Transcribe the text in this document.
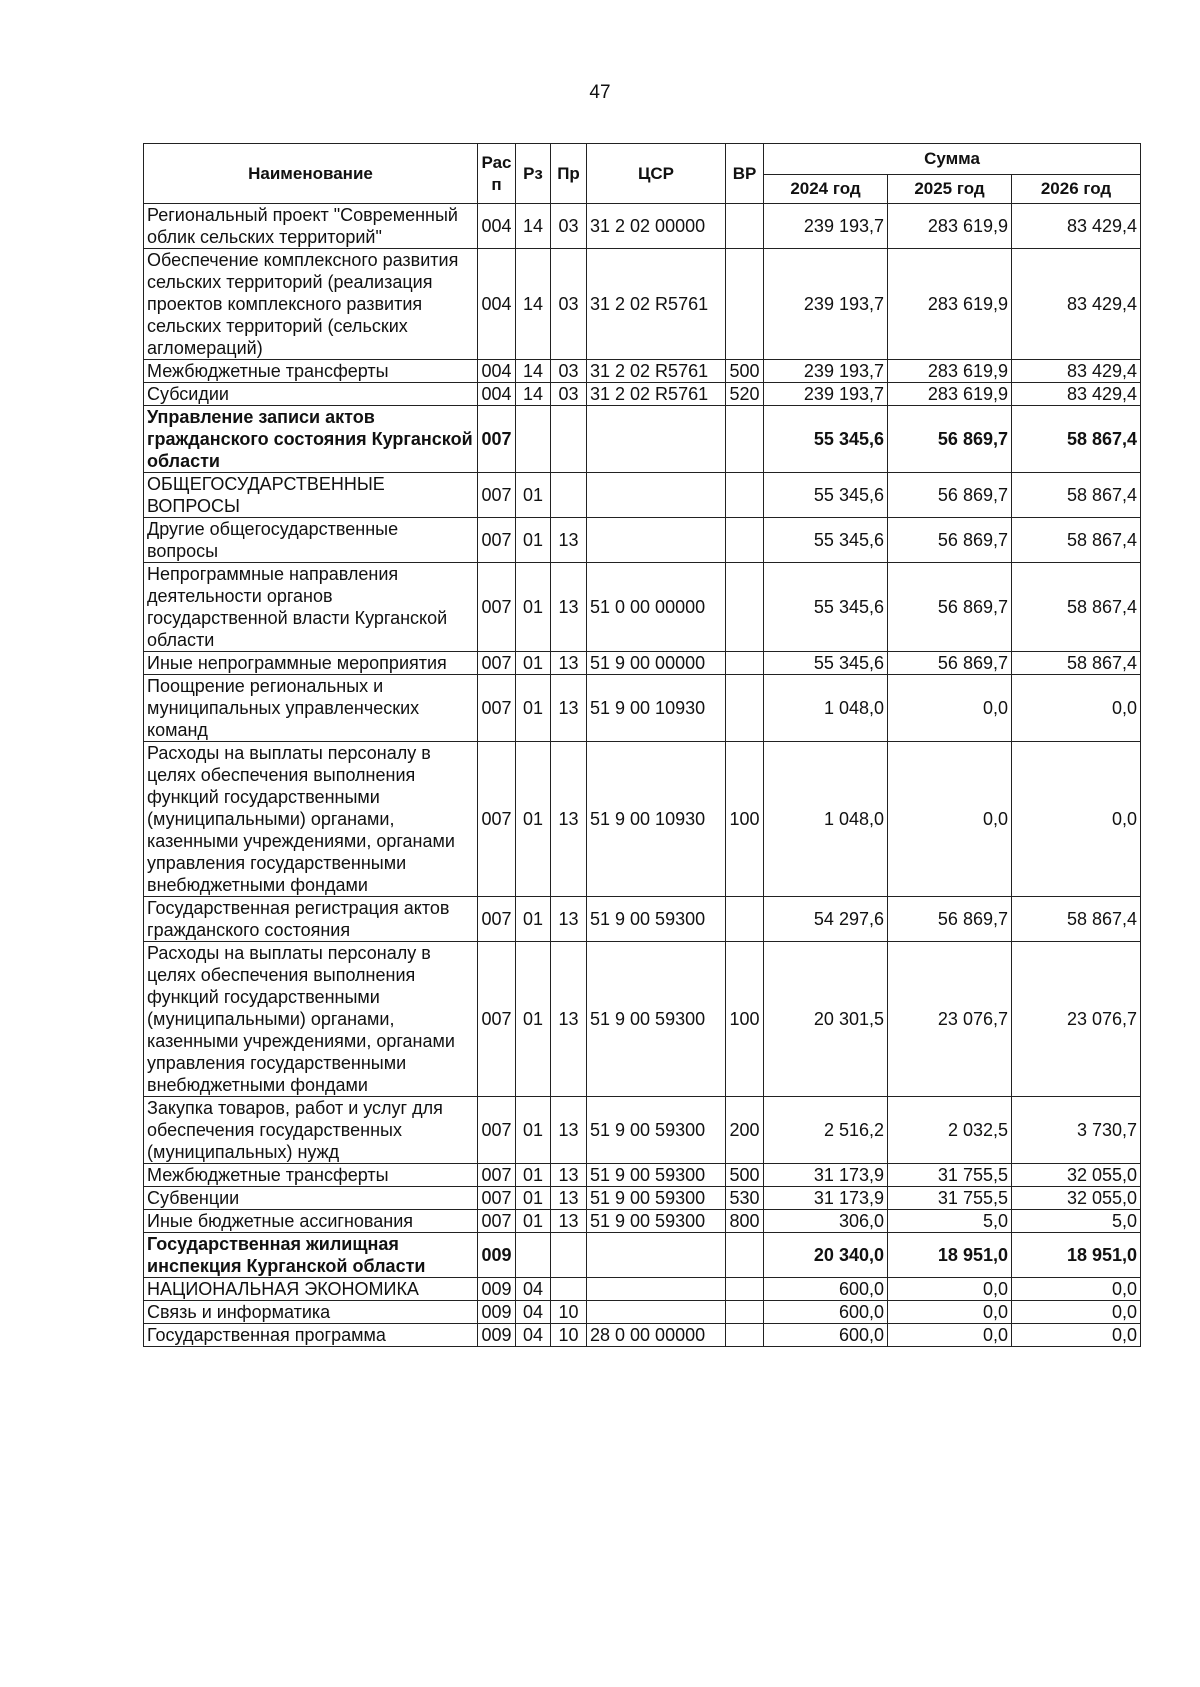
47
Наименование	Рас п	Рз	Пр	ЦСР	ВР	Сумма		
						2024 год	2025 год	2026 год
Региональный проект "Современный облик сельских территорий"	004	14	03	31 2 02 00000		239 193,7	283 619,9	83 429,4
Обеспечение комплексного развития сельских территорий (реализация проектов комплексного развития сельских территорий (сельских агломераций)	004	14	03	31 2 02 R5761		239 193,7	283 619,9	83 429,4
Межбюджетные трансферты	004	14	03	31 2 02 R5761	500	239 193,7	283 619,9	83 429,4
Субсидии	004	14	03	31 2 02 R5761	520	239 193,7	283 619,9	83 429,4
Управление записи актов гражданского состояния Курганской области	007					55 345,6	56 869,7	58 867,4
ОБЩЕГОСУДАРСТВЕННЫЕ ВОПРОСЫ	007	01				55 345,6	56 869,7	58 867,4
Другие общегосударственные вопросы	007	01	13			55 345,6	56 869,7	58 867,4
Непрограммные направления деятельности органов государственной власти Курганской области	007	01	13	51 0 00 00000		55 345,6	56 869,7	58 867,4
Иные непрограммные мероприятия	007	01	13	51 9 00 00000		55 345,6	56 869,7	58 867,4
Поощрение региональных и муниципальных управленческих команд	007	01	13	51 9 00 10930		1 048,0	0,0	0,0
Расходы на выплаты персоналу в целях обеспечения выполнения функций государственными (муниципальными) органами, казенными учреждениями, органами управления государственными внебюджетными фондами	007	01	13	51 9 00 10930	100	1 048,0	0,0	0,0
Государственная регистрация актов гражданского состояния	007	01	13	51 9 00 59300		54 297,6	56 869,7	58 867,4
Расходы на выплаты персоналу в целях обеспечения выполнения функций государственными (муниципальными) органами, казенными учреждениями, органами управления государственными внебюджетными фондами	007	01	13	51 9 00 59300	100	20 301,5	23 076,7	23 076,7
Закупка товаров, работ и услуг для обеспечения государственных (муниципальных) нужд	007	01	13	51 9 00 59300	200	2 516,2	2 032,5	3 730,7
Межбюджетные трансферты	007	01	13	51 9 00 59300	500	31 173,9	31 755,5	32 055,0
Субвенции	007	01	13	51 9 00 59300	530	31 173,9	31 755,5	32 055,0
Иные бюджетные ассигнования	007	01	13	51 9 00 59300	800	306,0	5,0	5,0
Государственная жилищная инспекция Курганской области	009					20 340,0	18 951,0	18 951,0
НАЦИОНАЛЬНАЯ ЭКОНОМИКА	009	04				600,0	0,0	0,0
Связь и информатика	009	04	10			600,0	0,0	0,0
Государственная программа	009	04	10	28 0 00 00000		600,0	0,0	0,0
